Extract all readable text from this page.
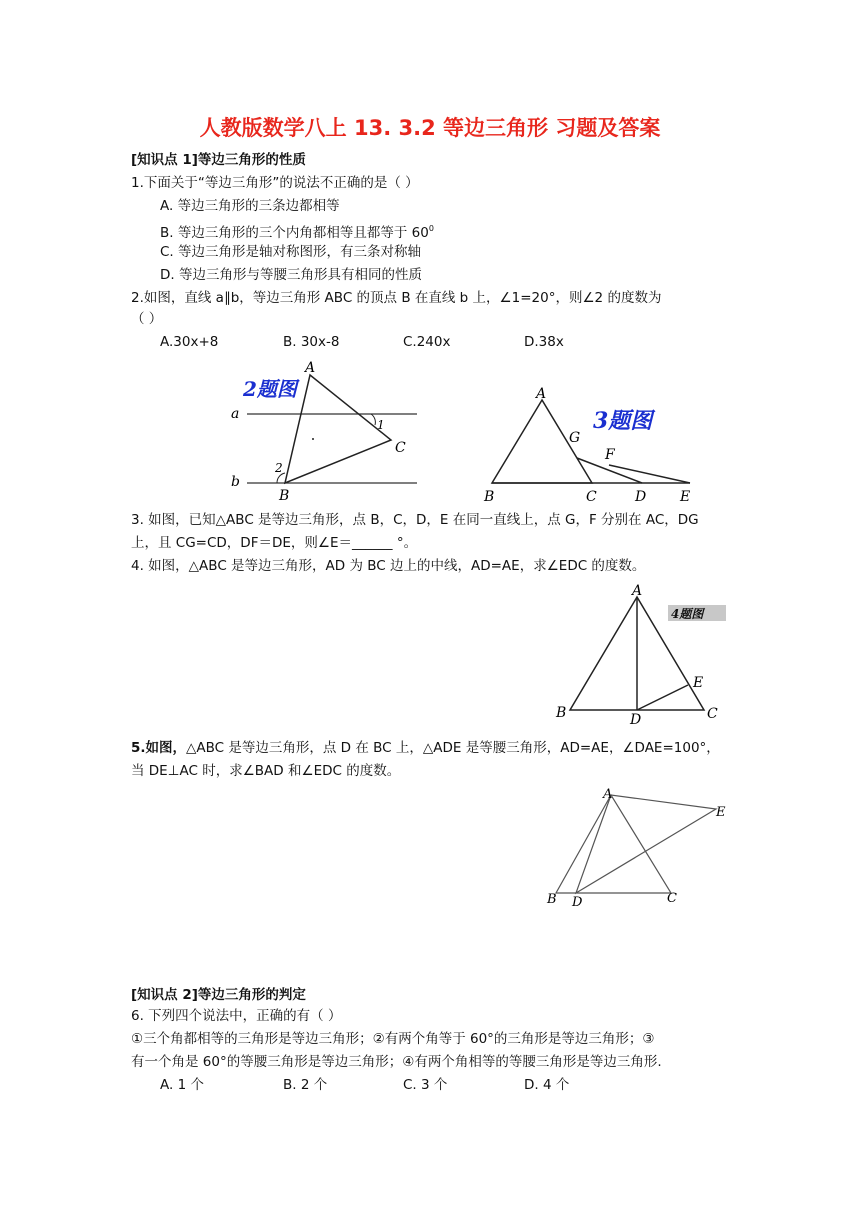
人教版数学八上 13. 3.2 等边三角形 习题及答案
[知识点 1]等边三角形的性质
1.下面关于“等边三角形”的说法不正确的是（ ）
A. 等边三角形的三条边都相等
B. 等边三角形的三个内角都相等且都等于 $60^0$
C. 等边三角形是轴对称图形，有三条对称轴
D. 等边三角形与等腰三角形具有相同的性质
2.如图，直线 a∥b，等边三角形 ABC 的顶点 B 在直线 b 上，∠1=20°，则∠2 的度数为
（ ）
A.30x+8	B. 30x-8	C.240x	D.38x
2题图
a
b
A
B
C
1
2
3题图
A
B	C	D E
F
G
3. 如图，已知△ABC 是等边三角形，点 B，C，D，E 在同一直线上，点 G，F 分别在 AC，DG
上，且 CG=CD，DF＝DE，则∠E＝______ °。
4. 如图，△ABC 是等边三角形，AD 为 BC 边上的中线，AD=AE，求∠EDC 的度数。
4题图
A
B	C
D
E
5.如图，△ABC 是等边三角形，点 D 在 BC 上，△ADE 是等腰三角形，AD=AE，∠DAE=100°，
当 DE⊥AC 时，求∠BAD 和∠EDC 的度数。
A
B	C
D
E
[知识点 2]等边三角形的判定
6. 下列四个说法中，正确的有（ ）
①三个角都相等的三角形是等边三角形；②有两个角等于 60°的三角形是等边三角形；③
有一个角是 60°的等腰三角形是等边三角形；④有两个角相等的等腰三角形是等边三角形.
A. 1 个	B. 2 个	C. 3 个	D. 4 个
